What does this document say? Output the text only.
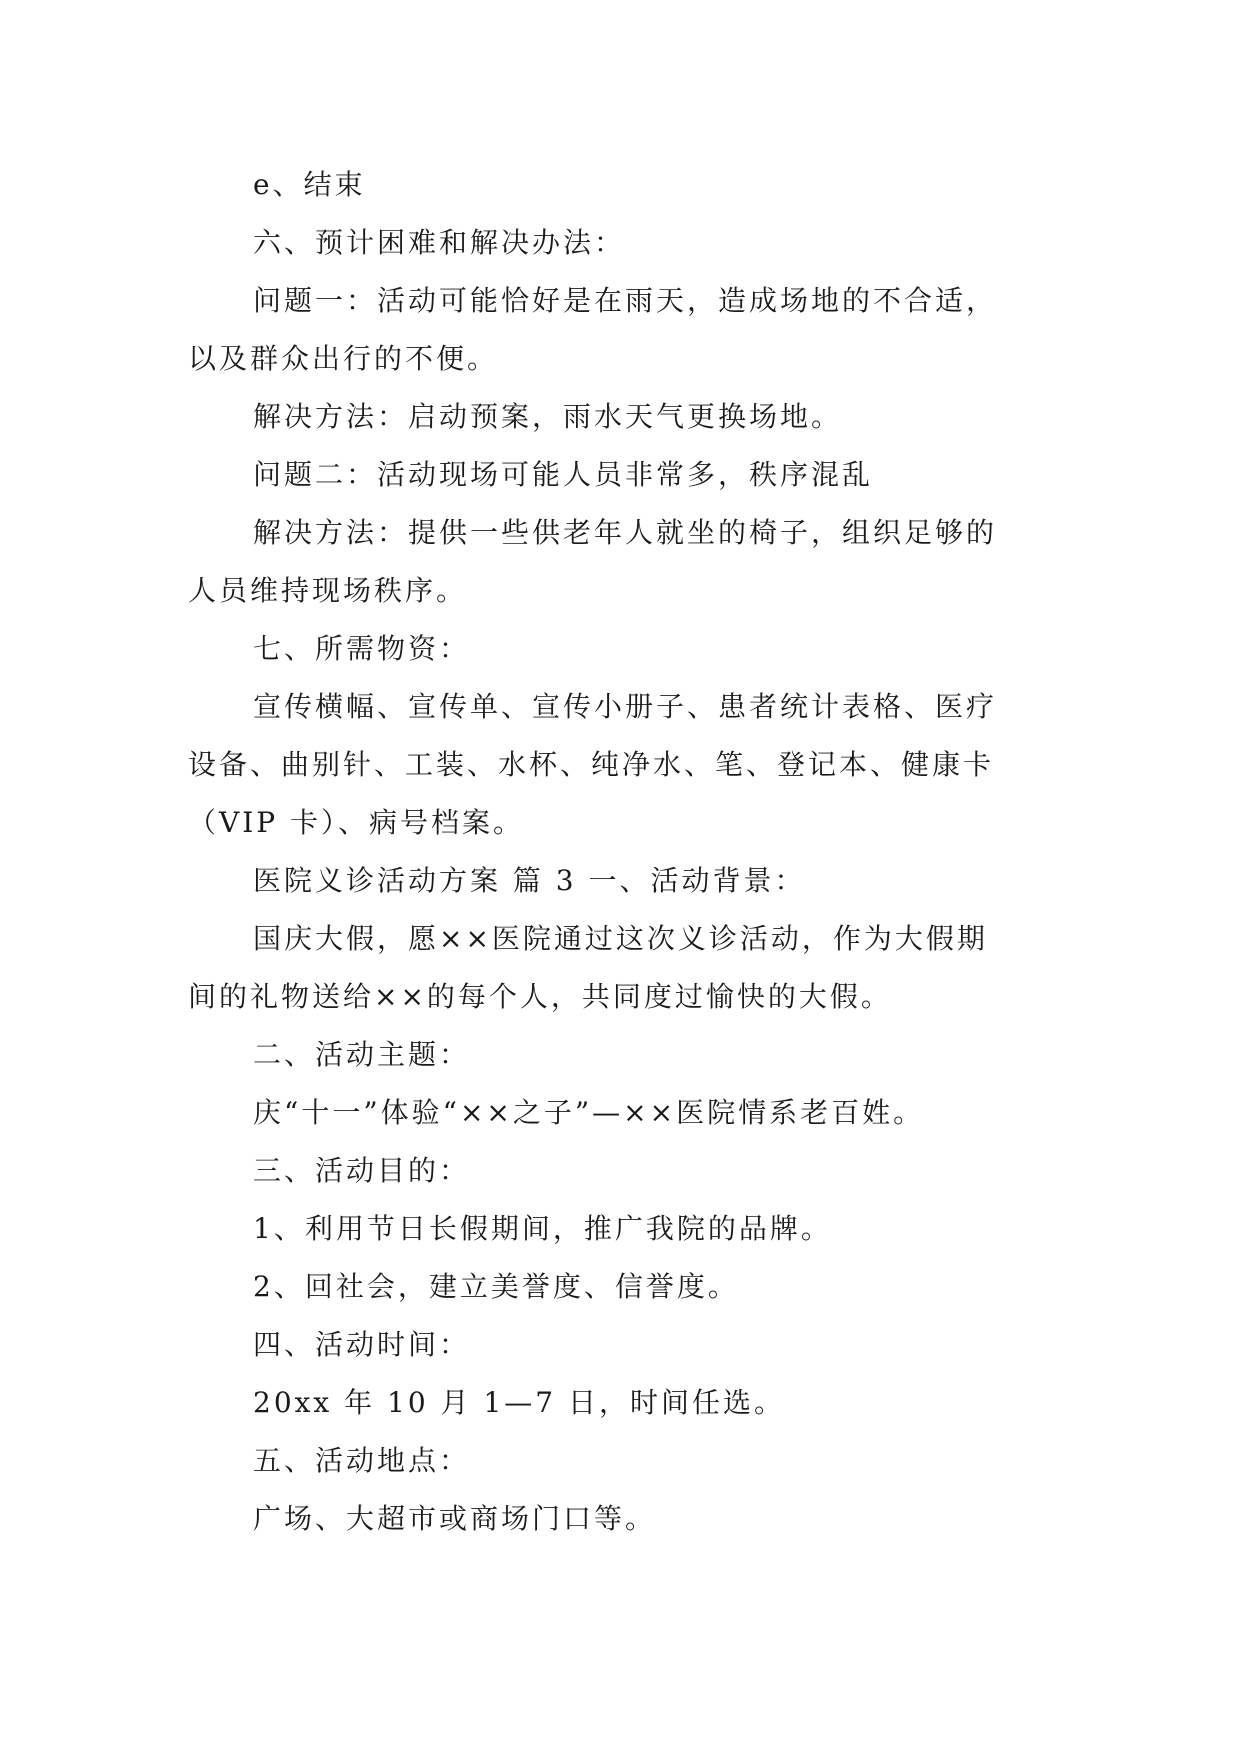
e、结束
六、预计困难和解决办法：
问题一：活动可能恰好是在雨天，造成场地的不合适，
以及群众出行的不便。
解决方法：启动预案，雨水天气更换场地。
问题二：活动现场可能人员非常多，秩序混乱
解决方法：提供一些供老年人就坐的椅子，组织足够的
人员维持现场秩序。
七、所需物资：
宣传横幅、宣传单、宣传小册子、患者统计表格、医疗
设备、曲别针、工装、水杯、纯净水、笔、登记本、健康卡
（VIP 卡）、病号档案。
医院义诊活动方案 篇 3 一、活动背景：
国庆大假，愿××医院通过这次义诊活动，作为大假期
间的礼物送给××的每个人，共同度过愉快的大假。
二、活动主题：
庆“十一”体验“××之子”—××医院情系老百姓。
三、活动目的：
1、利用节日长假期间，推广我院的品牌。
2、回社会，建立美誉度、信誉度。
四、活动时间：
20xx 年 10 月 1—7 日，时间任选。
五、活动地点：
广场、大超市或商场门口等。
